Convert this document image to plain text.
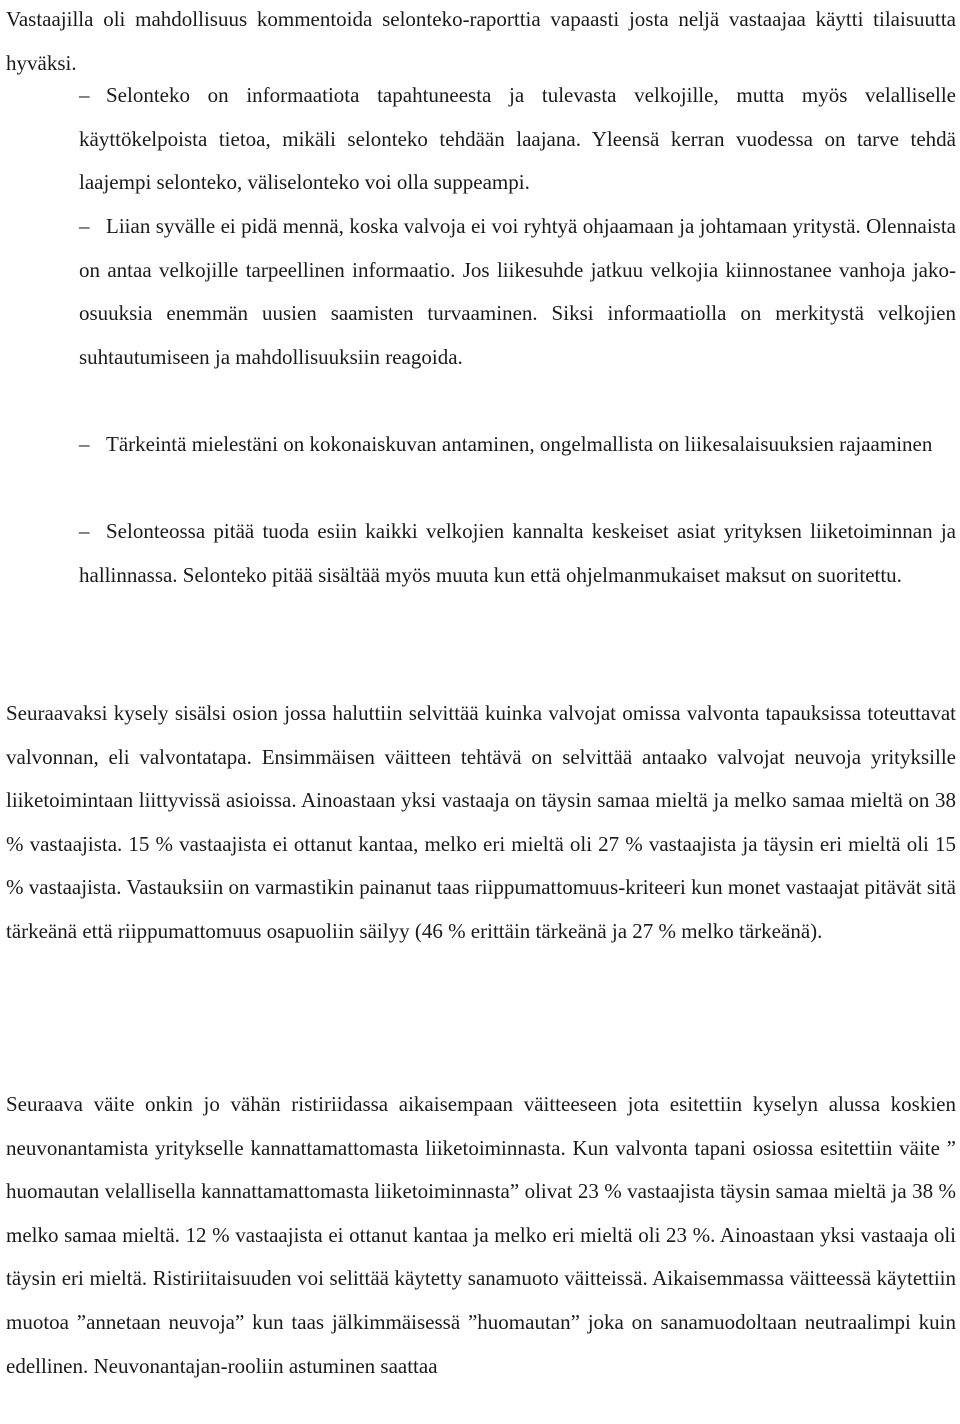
Vastaajilla oli mahdollisuus kommentoida selonteko-raporttia vapaasti josta neljä vastaajaa käytti tilaisuutta hyväksi.

– Selonteko on informaatiota tapahtuneesta ja tulevasta velkojille, mutta myös velalliselle käyttökelpoista tietoa, mikäli selonteko tehdään laajana. Yleensä kerran vuodessa on tarve tehdä laajempi selonteko, väliselonteko voi olla suppeampi.

– Liian syvälle ei pidä mennä, koska valvoja ei voi ryhtyä ohjaamaan ja johtamaan yritystä. Olennaista on antaa velkojille tarpeellinen informaatio. Jos liikesuhde jatkuu velkojia kiinnostanee vanhoja jako-osuuksia enemmän uusien saamisten turvaaminen. Siksi informaatiolla on merkitystä velkojien suhtautumiseen ja mahdollisuuksiin reagoida.

– Tärkeintä mielestäni on kokonaiskuvan antaminen, ongelmallista on liikesalaisuuksien rajaaminen

– Selonteossa pitää tuoda esiin kaikki velkojien kannalta keskeiset asiat yrityksen liiketoiminnan ja hallinnassa. Selonteko pitää sisältää myös muuta kun että ohjelmanmukaiset maksut on suoritettu.

Seuraavaksi kysely sisälsi osion jossa haluttiin selvittää kuinka valvojat omissa valvonta tapauksissa toteuttavat valvonnan, eli valvontatapa. Ensimmäisen väitteen tehtävä on selvittää antaako valvojat neuvoja yrityksille liiketoimintaan liittyvissä asioissa. Ainoastaan yksi vastaaja on täysin samaa mieltä ja melko samaa mieltä on 38 % vastaajista. 15 % vastaajista ei ottanut kantaa, melko eri mieltä oli 27 % vastaajista ja täysin eri mieltä oli 15 % vastaajista. Vastauksiin on varmastikin painanut taas riippumattomuus-kriteeri kun monet vastaajat pitävät sitä tärkeänä että riippumattomuus osapuoliin säilyy (46 % erittäin tärkeänä ja 27 % melko tärkeänä).

Seuraava väite onkin jo vähän ristiriidassa aikaisempaan väitteeseen jota esitettiin kyselyn alussa koskien neuvonantamista yritykselle kannattamattomasta liiketoiminnasta. Kun valvonta tapani osiossa esitettiin väite ” huomautan velallisella kannattamattomasta liiketoiminnasta” olivat 23 % vastaajista täysin samaa mieltä ja 38 % melko samaa mieltä. 12 % vastaajista ei ottanut kantaa ja melko eri mieltä oli 23 %. Ainoastaan yksi vastaaja oli täysin eri mieltä. Ristiriitaisuuden voi selittää käytetty sanamuoto väitteissä. Aikaisemmassa väitteessä käytettiin muotoa ”annetaan neuvoja” kun taas jälkimmäisessä ”huomautan” joka on sanamuodoltaan neutraalimpi kuin edellinen. Neuvonantajan-rooliin astuminen saattaa
